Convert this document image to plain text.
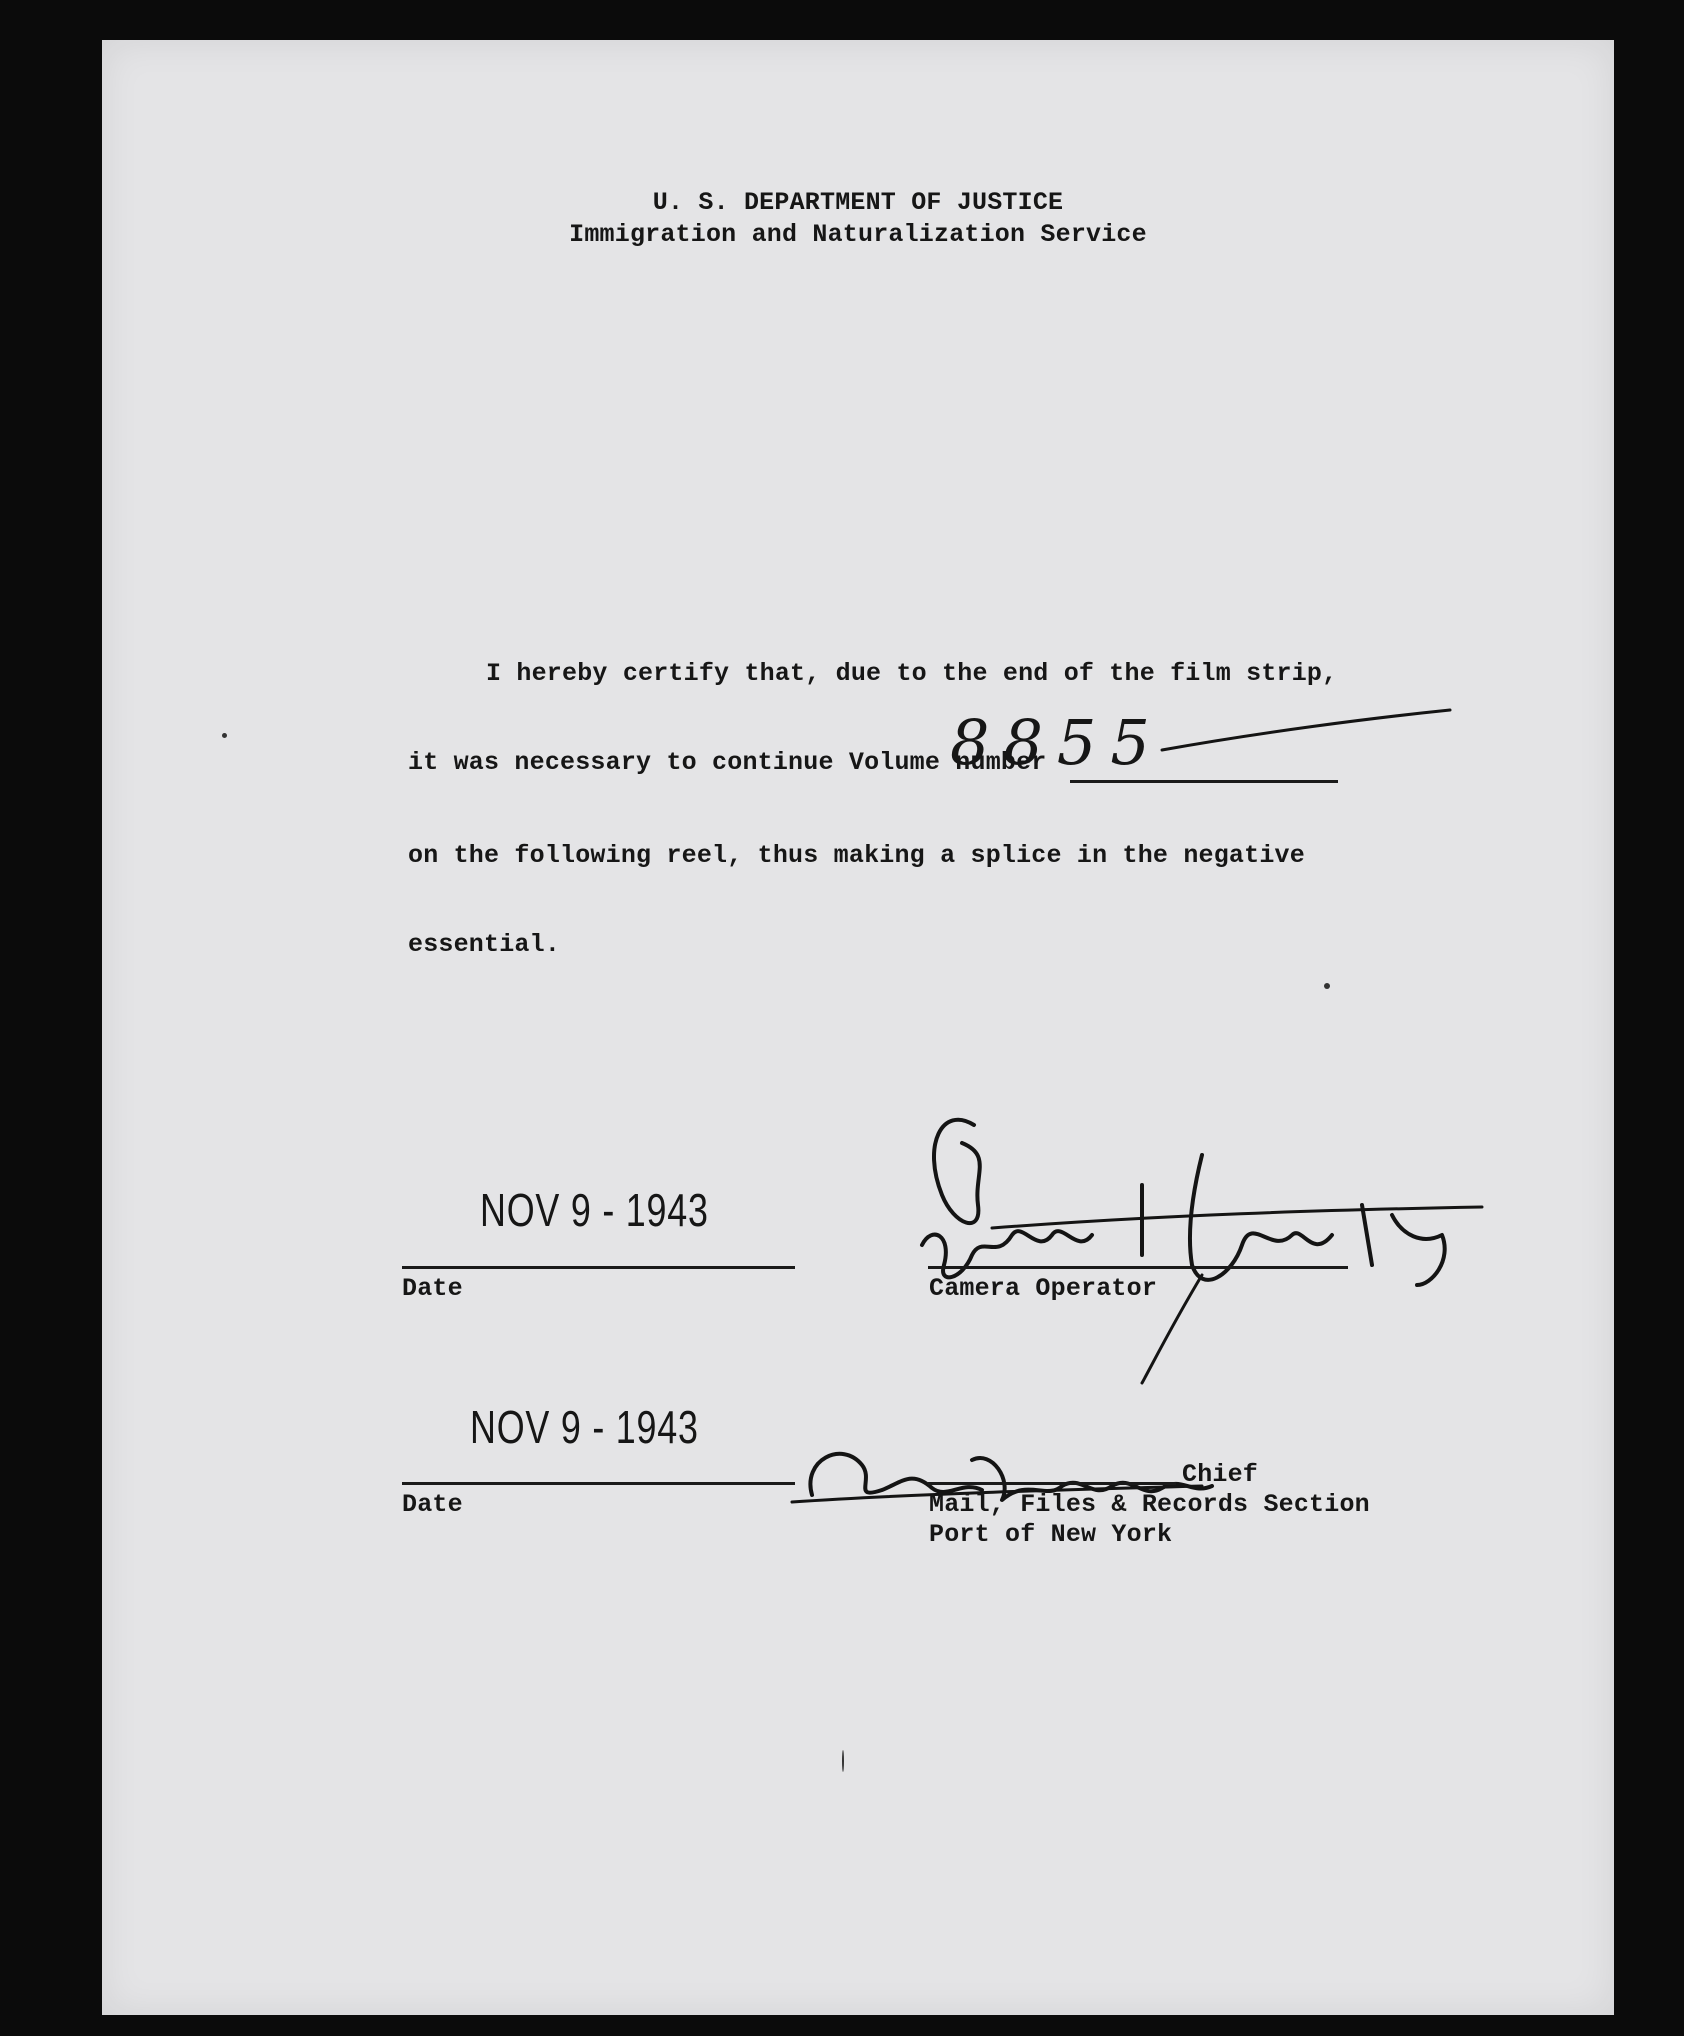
U. S. DEPARTMENT OF JUSTICE
Immigration and Naturalization Service
I hereby certify that, due to the end of the film strip,
it was necessary to continue Volume number
8855
on the following reel, thus making a splice in the negative
essential.
NOV 9 - 1943
Date	Camera Operator
NOV 9 - 1943
Date
Chief
Mail, Files & Records Section
Port of New York
